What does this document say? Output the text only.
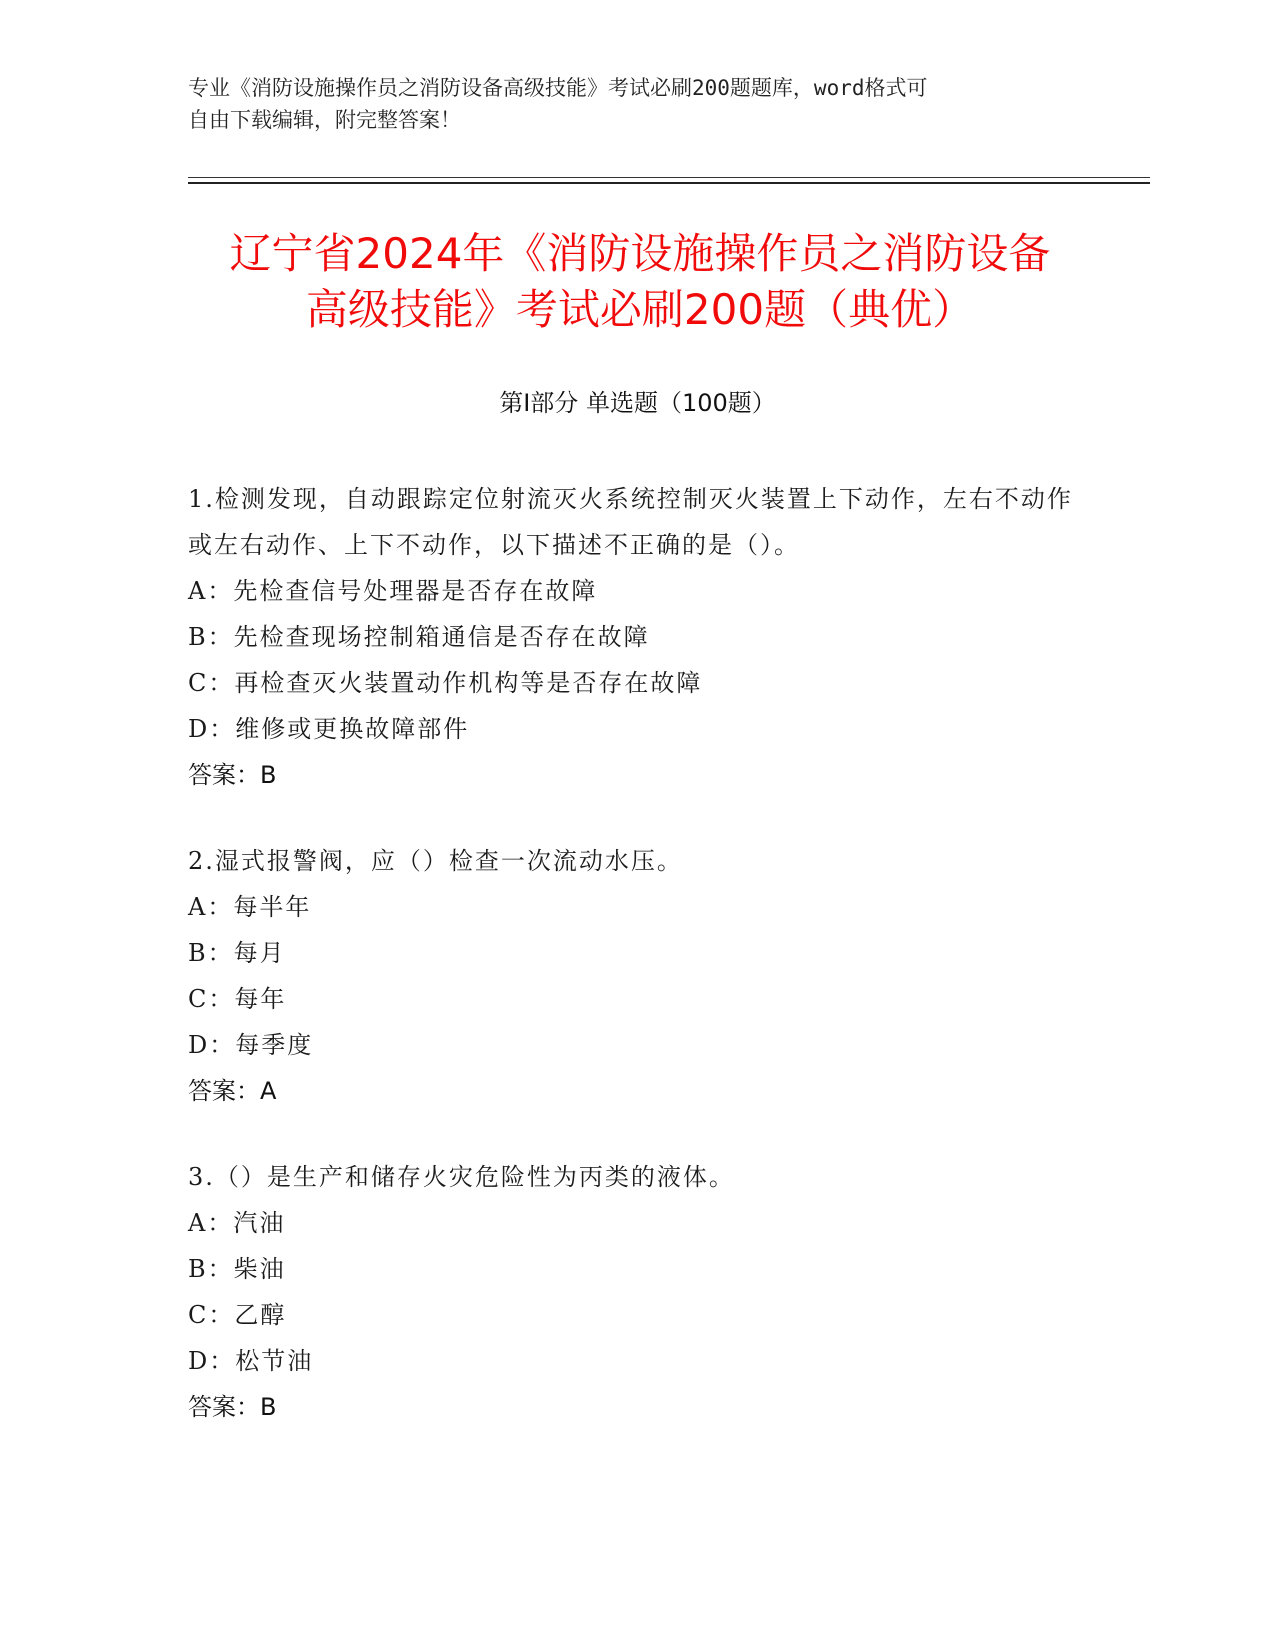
专业《消防设施操作员之消防设备高级技能》考试必刷200题题库，word格式可
自由下载编辑，附完整答案！
辽宁省2024年《消防设施操作员之消防设备
高级技能》考试必刷200题（典优）
第Ⅰ部分 单选题（100题）
1.检测发现，自动跟踪定位射流灭火系统控制灭火装置上下动作，左右不动作或左右动作、上下不动作，以下描述不正确的是（）。
A：先检查信号处理器是否存在故障
B：先检查现场控制箱通信是否存在故障
C：再检查灭火装置动作机构等是否存在故障
D：维修或更换故障部件
答案：B
2.湿式报警阀，应（）检查一次流动水压。
A：每半年
B：每月
C：每年
D：每季度
答案：A
3.（）是生产和储存火灾危险性为丙类的液体。
A：汽油
B：柴油
C：乙醇
D：松节油
答案：B
